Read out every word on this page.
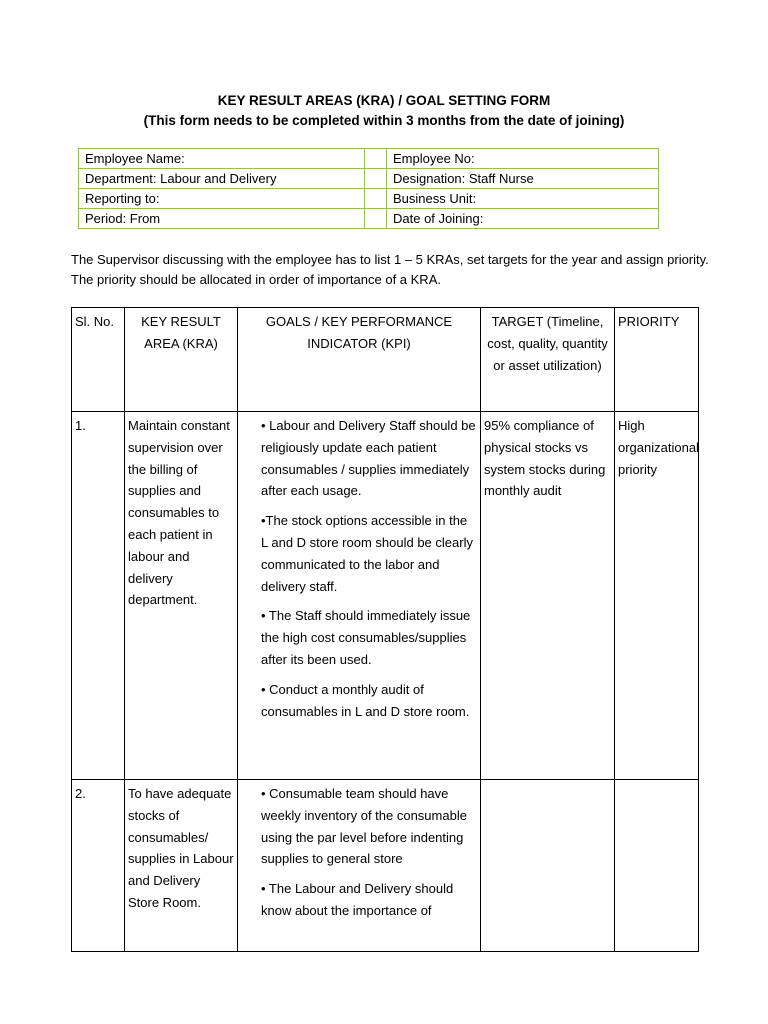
KEY RESULT AREAS (KRA) / GOAL SETTING FORM
(This form needs to be completed within 3 months from the date of joining)
Employee Name:		Employee No:
Department: Labour and Delivery		Designation: Staff Nurse
Reporting to:		Business Unit:
Period: From		Date of Joining:
The Supervisor discussing with the employee has to list 1 – 5 KRAs, set targets for the year and assign priority. The priority should be allocated in order of importance of a KRA.
Sl. No.	KEY RESULT AREA (KRA)	GOALS / KEY PERFORMANCE INDICATOR (KPI)	TARGET (Timeline, cost, quality, quantity or asset utilization)	PRIORITY
1.	Maintain constant supervision over the billing of supplies and consumables to each patient in labour and delivery department.	• Labour and Delivery Staff should be religiously update each patient consumables / supplies immediately after each usage.

•The stock options accessible in the L and D store room should be clearly communicated to the labor and delivery staff.

• The Staff should immediately issue the high cost consumables/supplies after its been used.

• Conduct a monthly audit of consumables in L and D store room.	95% compliance of physical stocks vs system stocks during monthly audit	High organizational priority
2.	To have adequate stocks of consumables/ supplies in Labour and Delivery Store Room.	• Consumable team should have weekly inventory of the consumable using the par level before indenting supplies to general store

• The Labour and Delivery should know about the importance of		
